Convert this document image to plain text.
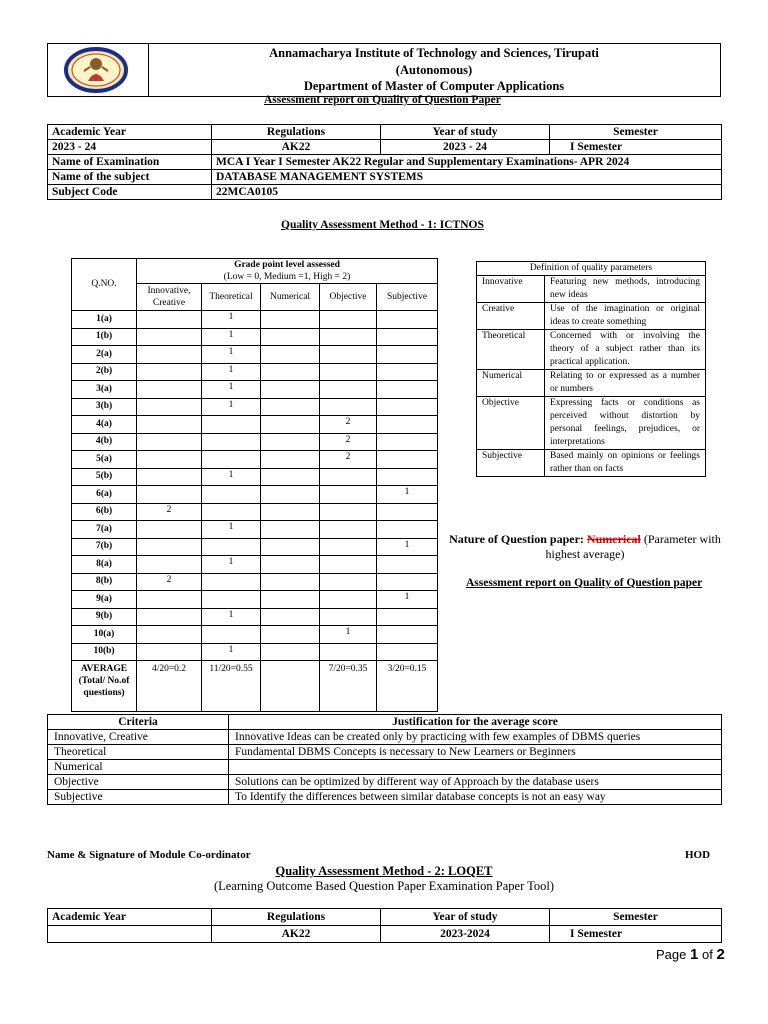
Annamacharya Institute of Technology and Sciences, Tirupati
(Autonomous)
Department of Master of Computer Applications
Assessment report on Quality of Question Paper
Academic Year	Regulations	Year of study	Semester
2023 - 24	AK22	2023 - 24	I Semester
Name of Examination	MCA I Year I Semester AK22 Regular and Supplementary Examinations- APR 2024		
Name of the subject	DATABASE MANAGEMENT SYSTEMS		
Subject Code	22MCA0105		
Quality Assessment Method - 1: ICTNOS
Q.NO.	Grade point level assessed
(Low = 0, Medium =1, High = 2)				

	Innovative, Creative	Theoretical	Numerical	Objective	Subjective
1(a)		1			
1(b)		1			
2(a)		1			
2(b)		1			
3(a)		1			
3(b)		1			
4(a)				2	
4(b)				2	
5(a)				2	
5(b)		1			
6(a)					1
6(b)	2				
7(a)		1			
7(b)					1
8(a)		1			
8(b)	2				
9(a)					1
9(b)		1			
10(a)				1	
10(b)		1			
AVERAGE (Total/ No.of questions)	4/20=0.2	11/20=0.55		7/20=0.35	3/20=0.15
Definition of quality parameters	
Innovative	Featuring new methods, introducing new ideas
Creative	Use of the imagination or original ideas to create something
Theoretical	Concerned with or involving the theory of a subject rather than its practical application.
Numerical	Relating to or expressed as a number or numbers
Objective	Expressing facts or conditions as perceived without distortion by personal feelings, prejudices, or interpretations
Subjective	Based mainly on opinions or feelings rather than on facts
Nature of Question paper: Numerical (Parameter with highest average)
Assessment report on Quality of Question paper
Criteria	Justification for the average score
Innovative, Creative	Innovative Ideas can be created only by practicing with few examples of DBMS queries
Theoretical	Fundamental DBMS Concepts is necessary to New Learners or Beginners
Numerical	
Objective	Solutions can be optimized by different way of Approach by the database users
Subjective	To Identify the differences between similar database concepts is not an easy way
Name & Signature of Module Co-ordinator	HOD
Quality Assessment Method - 2: LOQET
(Learning Outcome Based Question Paper Examination Paper Tool)
Academic Year	Regulations	Year of study	Semester
	AK22	2023-2024	I Semester
Page 1 of 2
